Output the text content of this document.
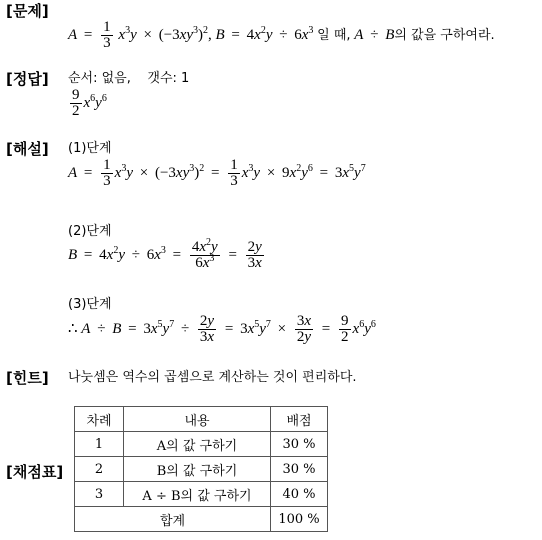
[문제]
$A = \frac{1}{3} x^3y \times (-3xy^3)^2$, $B = 4x^2y \div 6x^3$ 일 때, A ÷ B의 값을 구하여라.
[정답] 순서: 없음, 갯수: 1
$\frac{9}{2} x^6y^6$
[해설] (1)단계
$A = \frac{1}{3} x^3y \times (-3xy^3)^2 = \frac{1}{3} x^3y \times 9x^2y^6 = 3x^5y^7$
(2)단계
$B = 4x^2y \div 6x^3 = \frac{4x^2y}{6x^3} = \frac{2y}{3x}$
(3)단계
∴ $A \div B = 3x^5y^7 \div \frac{2y}{3x} = 3x^5y^7 \times \frac{3x}{2y} = \frac{9}{2} x^6y^6$
[힌트] 나눗셈은 역수의 곱셈으로 계산하는 것이 편리하다.
[채점표]
차례	내용	배점
1	A의 값 구하기	30 %
2	B의 값 구하기	30 %
3	A ÷ B의 값 구하기	40 %
합계		100 %
